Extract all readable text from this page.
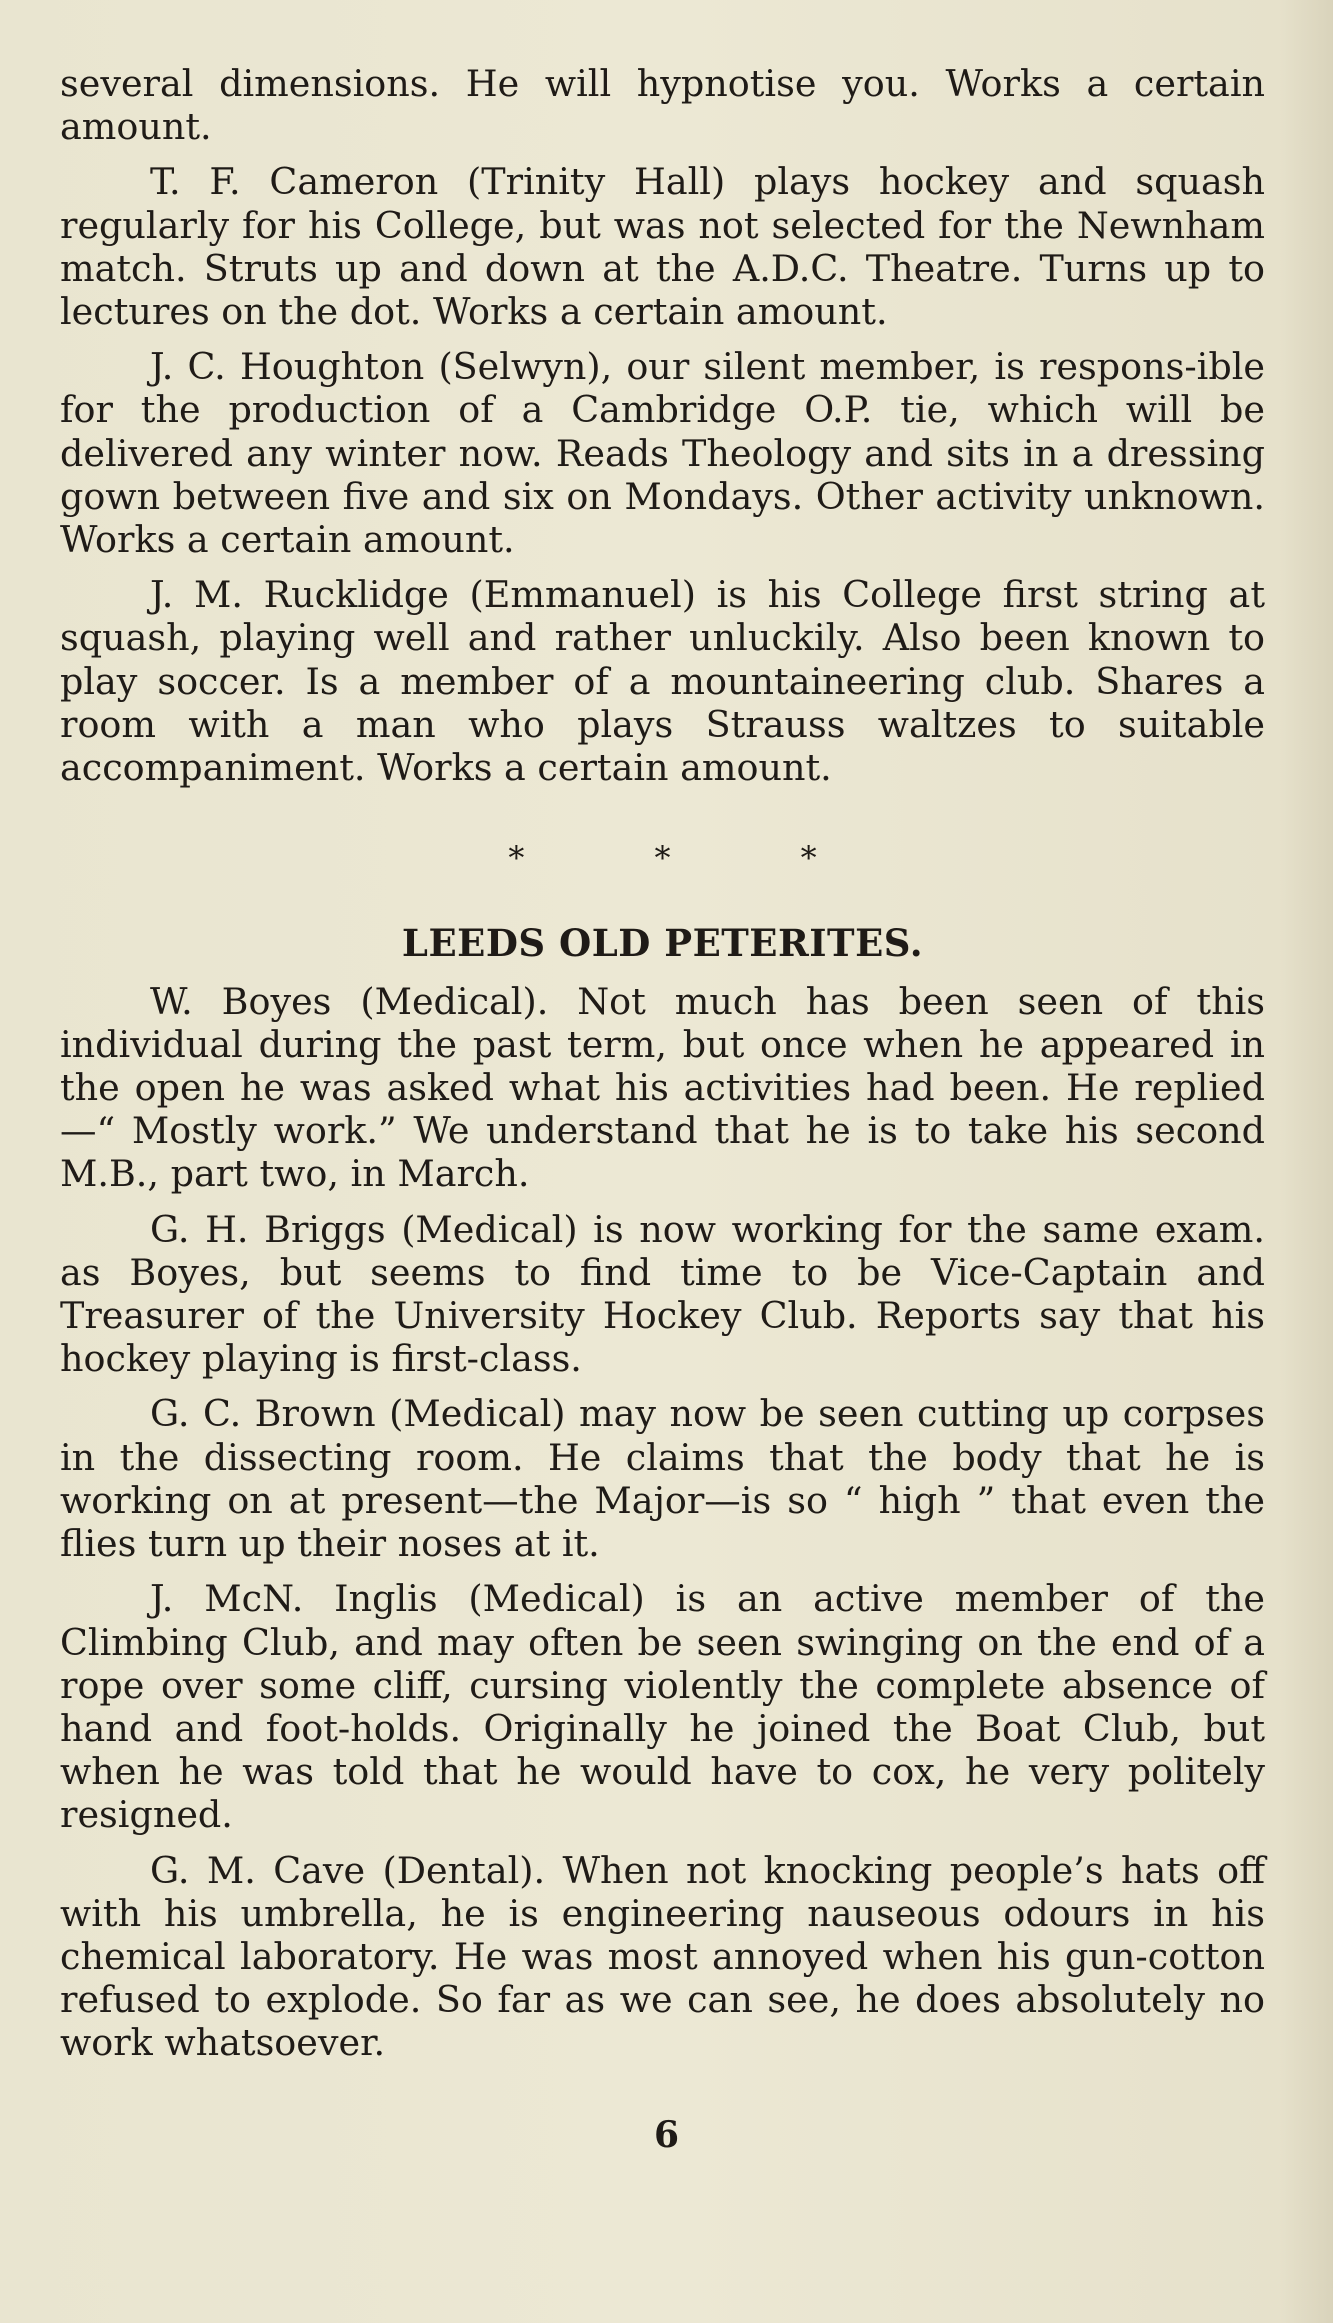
several dimensions. He will hypnotise you. Works a certain amount.

T. F. Cameron (Trinity Hall) plays hockey and squash regularly for his College, but was not selected for the Newnham match. Struts up and down at the A.D.C. Theatre. Turns up to lectures on the dot. Works a certain amount.

J. C. Houghton (Selwyn), our silent member, is respons-ible for the production of a Cambridge O.P. tie, which will be delivered any winter now. Reads Theology and sits in a dressing gown between five and six on Mondays. Other activity unknown. Works a certain amount.

J. M. Rucklidge (Emmanuel) is his College first string at squash, playing well and rather unluckily. Also been known to play soccer. Is a member of a mountaineering club. Shares a room with a man who plays Strauss waltzes to suitable accompaniment. Works a certain amount.

* * *
LEEDS OLD PETERITES.

W. Boyes (Medical). Not much has been seen of this individual during the past term, but once when he appeared in the open he was asked what his activities had been. He replied—“ Mostly work.” We understand that he is to take his second M.B., part two, in March.

G. H. Briggs (Medical) is now working for the same exam. as Boyes, but seems to find time to be Vice-Captain and Treasurer of the University Hockey Club. Reports say that his hockey playing is first-class.

G. C. Brown (Medical) may now be seen cutting up corpses in the dissecting room. He claims that the body that he is working on at present—the Major—is so “ high ” that even the flies turn up their noses at it.

J. McN. Inglis (Medical) is an active member of the Climbing Club, and may often be seen swinging on the end of a rope over some cliff, cursing violently the complete absence of hand and foot-holds. Originally he joined the Boat Club, but when he was told that he would have to cox, he very politely resigned.

G. M. Cave (Dental). When not knocking people’s hats off with his umbrella, he is engineering nauseous odours in his chemical laboratory. He was most annoyed when his gun-cotton refused to explode. So far as we can see, he does absolutely no work whatsoever.

6
